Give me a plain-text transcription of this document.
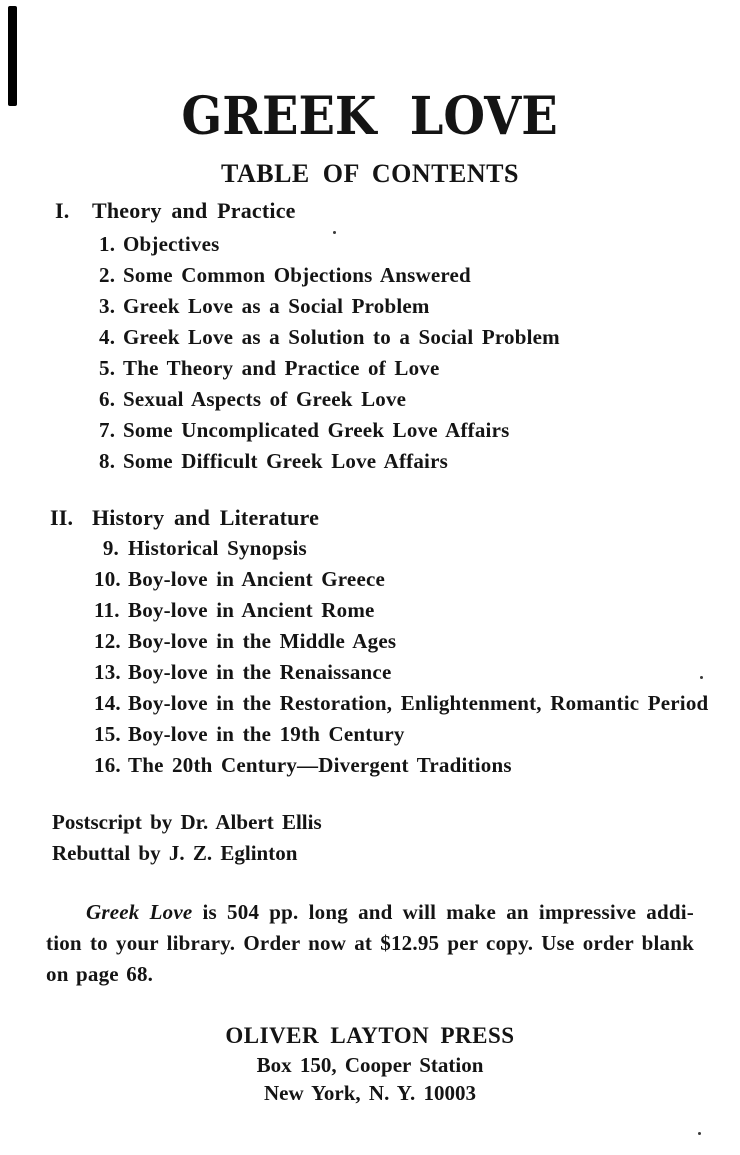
GREEK LOVE
TABLE OF CONTENTS
I.	Theory and Practice
1. Objectives
2. Some Common Objections Answered
3. Greek Love as a Social Problem
4. Greek Love as a Solution to a Social Problem
5. The Theory and Practice of Love
6. Sexual Aspects of Greek Love
7. Some Uncomplicated Greek Love Affairs
8. Some Difficult Greek Love Affairs
II. History and Literature
9. Historical Synopsis
10. Boy-love in Ancient Greece
11. Boy-love in Ancient Rome
12. Boy-love in the Middle Ages
13. Boy-love in the Renaissance
14. Boy-love in the Restoration, Enlightenment, Romantic Period
15. Boy-love in the 19th Century
16. The 20th Century—Divergent Traditions
Postscript by Dr. Albert Ellis
Rebuttal by J. Z. Eglinton
Greek Love is 504 pp. long and will make an impressive addi-
tion to your library. Order now at $12.95 per copy. Use order blank
on page 68.
OLIVER LAYTON PRESS
Box 150, Cooper Station
New York, N. Y. 10003
